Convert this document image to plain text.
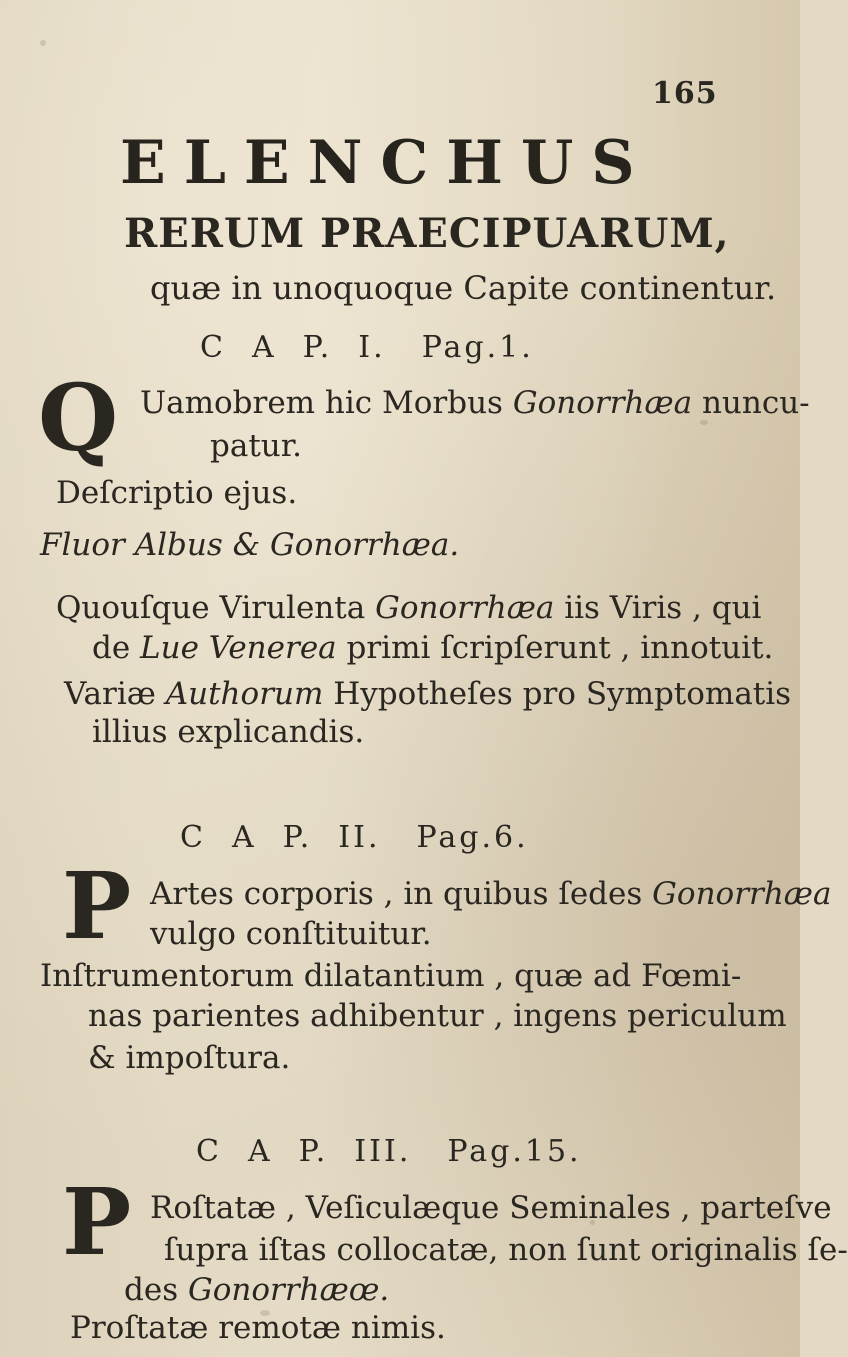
165
ELENCHUS
RERUM PRAECIPUARUM,
quæ in unoquoque Capite continentur.
C A P. I. Pag.1.
Q Uamobrem hic Morbus Gonorrhæa nuncu-
patur.
Deſcriptio ejus.
Fluor Albus & Gonorrhæa.
Quouſque Virulenta Gonorrhæa iis Viris , qui
de Lue Venerea primi ſcripſerunt , innotuit.
Variæ Authorum Hypotheſes pro Symptomatis
illius explicandis.
C A P. II. Pag.6.
P Artes corporis , in quibus ſedes Gonorrhæa
vulgo conſtituitur.
Inſtrumentorum dilatantium , quæ ad Fœmi-
nas parientes adhibentur , ingens periculum
& impoſtura.
C A P. III. Pag.15.
P Roſtatæ , Veſiculæque Seminales , parteſve
ſupra iſtas collocatæ, non ſunt originalis ſe-
des Gonorrhæœ.
Proſtatæ remotæ nimis.
